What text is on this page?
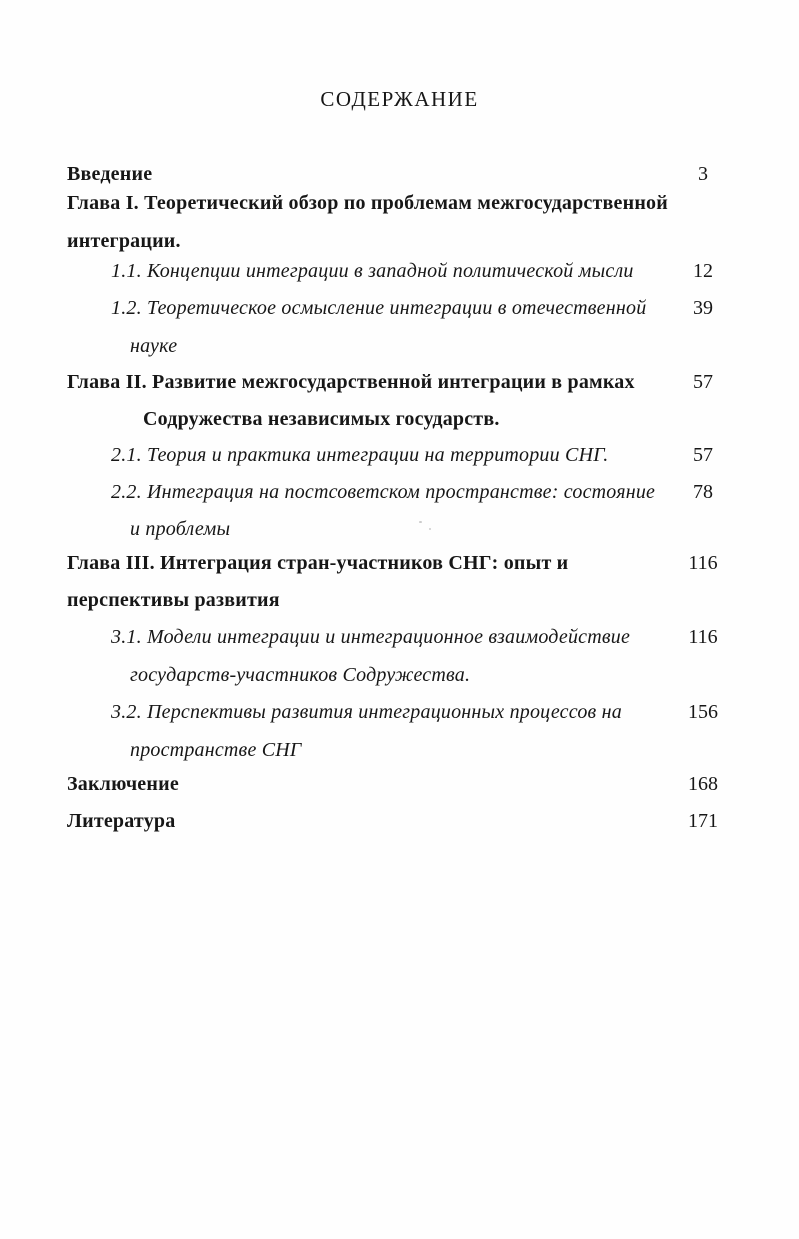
СОДЕРЖАНИЕ
Введение	3
Глава I. Теоретический обзор по проблемам межгосударственной
интеграции.
1.1. Концепции интеграции в западной политической мысли	12
1.2. Теоретическое осмысление интеграции в отечественной	39
науке
Глава II. Развитие межгосударственной интеграции в рамках	57
Содружества независимых государств.
2.1. Теория и практика интеграции на территории СНГ.	57
2.2. Интеграция на постсоветском пространстве: состояние	78
и проблемы
Глава III. Интеграция стран-участников СНГ: опыт и	116
перспективы развития
3.1. Модели интеграции и интеграционное взаимодействие	116
государств-участников Содружества.
3.2. Перспективы развития интеграционных процессов на	156
пространстве СНГ
Заключение	168
Литература	171
